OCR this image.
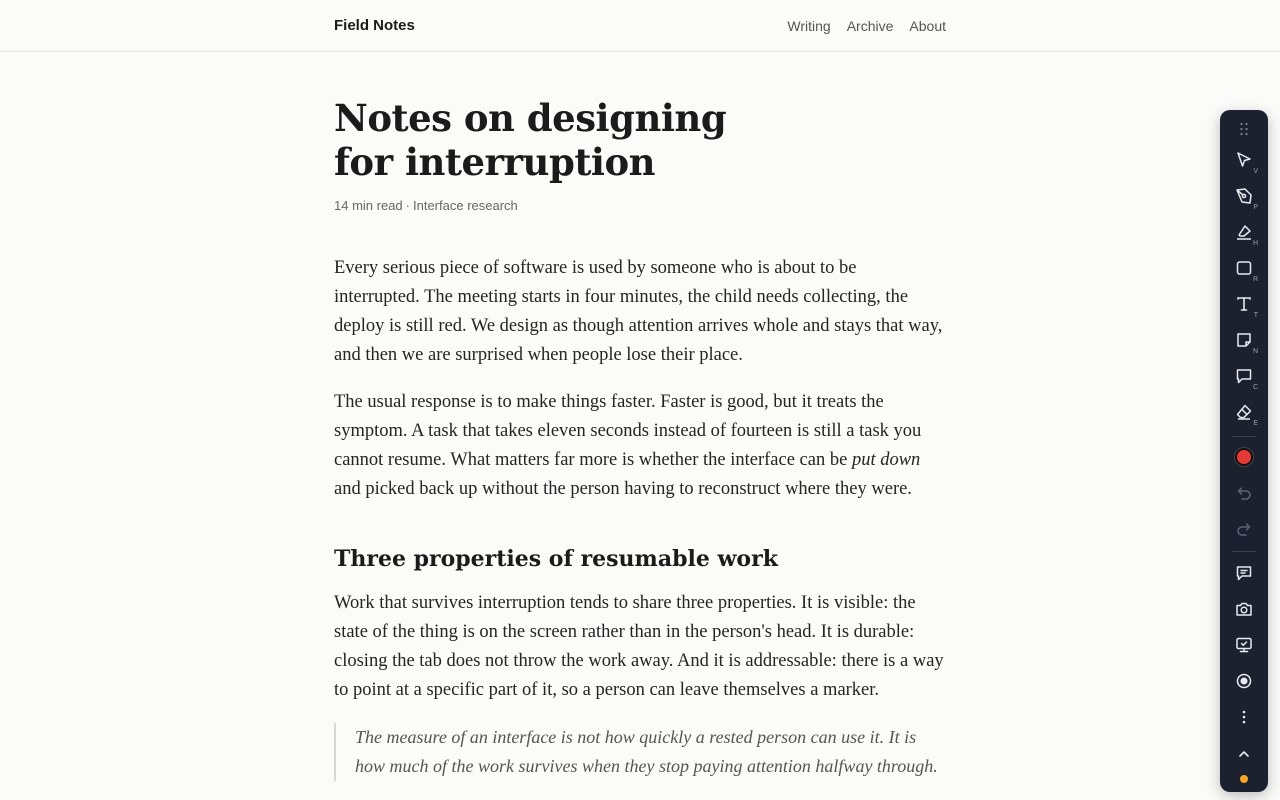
Field Notes	Writing Archive About
Notes on designing for interruption
14 min read · Interface research

Every serious piece of software is used by someone who is about to be interrupted. The meeting starts in four minutes, the child needs collecting, the deploy is still red. We design as though attention arrives whole and stays that way, and then we are surprised when people lose their place.

The usual response is to make things faster. Faster is good, but it treats the symptom. A task that takes eleven seconds instead of fourteen is still a task you cannot resume. What matters far more is whether the interface can be put down and picked back up without the person having to reconstruct where they were.

Three properties of resumable work

Work that survives interruption tends to share three properties. It is visible: the state of the thing is on the screen rather than in the person's head. It is durable: closing the tab does not throw the work away. And it is addressable: there is a way to point at a specific part of it, so a person can leave themselves a marker.

The measure of an interface is not how quickly a rested person can use it. It is how much of the work survives when they stop paying attention halfway through.
V
P
H
R
T
N
C
E
